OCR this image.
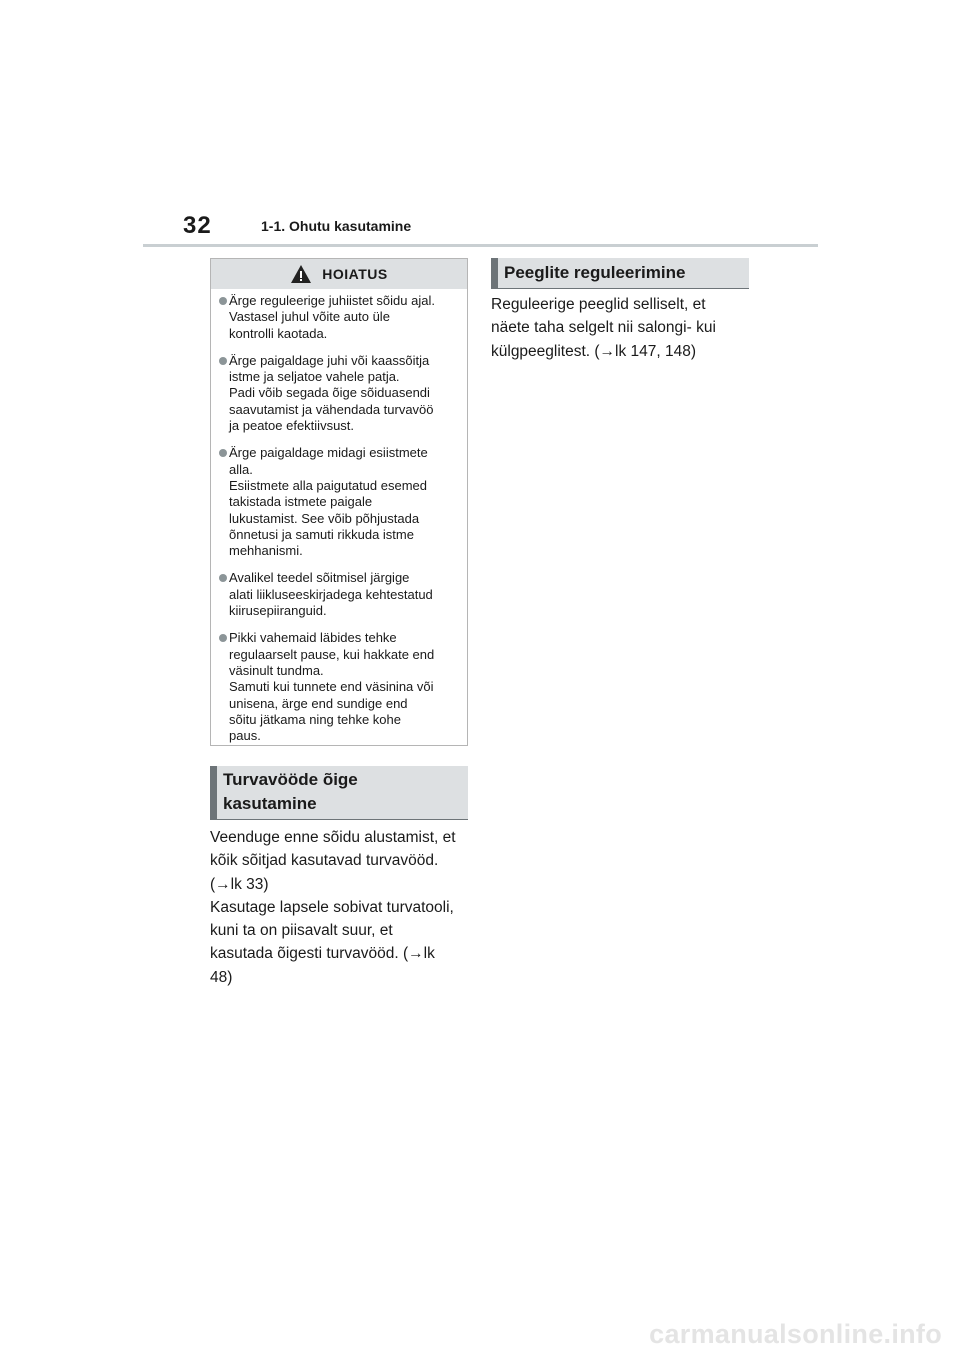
32	1-1. Ohutu kasutamine
HOIATUS
Ärge reguleerige juhiistet sõidu ajal.
Vastasel juhul võite auto üle
kontrolli kaotada.
Ärge paigaldage juhi või kaassõitja
istme ja seljatoe vahele patja.
Padi võib segada õige sõiduasendi
saavutamist ja vähendada turvavöö
ja peatoe efektiivsust.
Ärge paigaldage midagi esiistmete
alla.
Esiistmete alla paigutatud esemed
takistada istmete paigale
lukustamist. See võib põhjustada
õnnetusi ja samuti rikkuda istme
mehhanismi.
Avalikel teedel sõitmisel järgige
alati liikluseeskirjadega kehtestatud
kiirusepiiranguid.
Pikki vahemaid läbides tehke
regulaarselt pause, kui hakkate end
väsinult tundma.
Samuti kui tunnete end väsinina või
unisena, ärge end sundige end
sõitu jätkama ning tehke kohe
paus.
Turvavööde õige
kasutamine
Veenduge enne sõidu alustamist, et
kõik sõitjad kasutavad turvavööd.
(→lk 33)
Kasutage lapsele sobivat turvatooli,
kuni ta on piisavalt suur, et
kasutada õigesti turvavööd. (→lk
48)
Peeglite reguleerimine
Reguleerige peeglid selliselt, et
näete taha selgelt nii salongi- kui
külgpeeglitest. (→lk 147, 148)
carmanualsonline.info
